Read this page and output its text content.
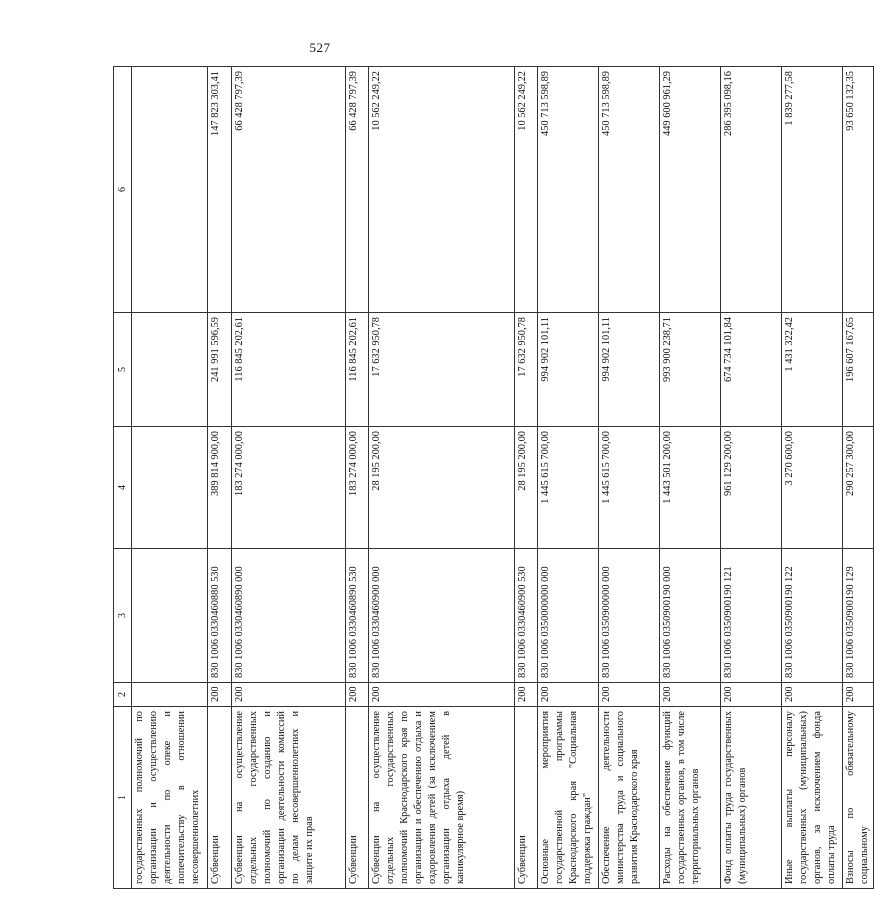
527
1	2	3	4	5	6
государственных полномочий по организации и осуществлению деятельности по опеке и попечительству в отношении несовершеннолетних					
Субвенции	200	830 1006 0330460880 530	389 814 900,00	241 991 596,59	147 823 303,41
Субвенции на осуществление отдельных государственных полномочий по созданию и организации деятельности комиссий по делам несовершеннолетних и защите их прав	200	830 1006 0330460890 000	183 274 000,00	116 845 202,61	66 428 797,39
Субвенции	200	830 1006 0330460890 530	183 274 000,00	116 845 202,61	66 428 797,39
Субвенции на осуществление отдельных государственных полномочий Краснодарского края по организации и обеспечению отдыха и оздоровления детей (за исключением организации отдыха детей в каникулярное время)	200	830 1006 0330460900 000	28 195 200,00	17 632 950,78	10 562 249,22
Субвенции	200	830 1006 0330460900 530	28 195 200,00	17 632 950,78	10 562 249,22
Основные мероприятия государственной программы Краснодарского края "Социальная поддержка граждан"	200	830 1006 0350000000 000	1 445 615 700,00	994 902 101,11	450 713 598,89
Обеспечение деятельности министерства труда и социального развития Краснодарского края	200	830 1006 0350900000 000	1 445 615 700,00	994 902 101,11	450 713 598,89
Расходы на обеспечение функций государственных органов, в том числе территориальных органов	200	830 1006 0350900190 000	1 443 501 200,00	993 900 238,71	449 600 961,29
Фонд оплаты труда государственных (муниципальных) органов	200	830 1006 0350900190 121	961 129 200,00	674 734 101,84	286 395 098,16
Иные выплаты персоналу государственных (муниципальных) органов, за исключением фонда оплаты труда	200	830 1006 0350900190 122	3 270 600,00	1 431 322,42	1 839 277,58
Взносы по обязательному социальному	200	830 1006 0350900190 129	290 257 300,00	196 607 167,65	93 650 132,35
